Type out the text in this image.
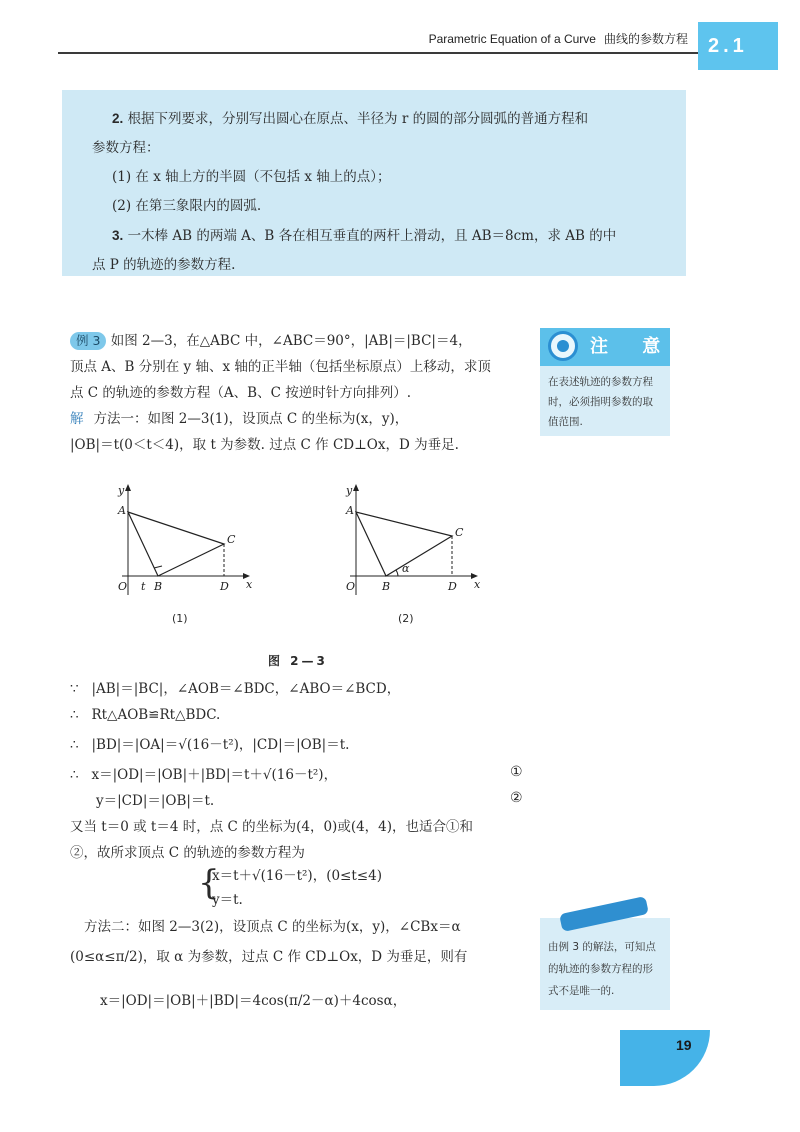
Parametric Equation of a Curve 曲线的参数方程 2.1

2. 根据下列要求，分别写出圆心在原点、半径为 r 的圆的部分圆弧的普通方程和

参数方程：

(1) 在 x 轴上方的半圆（不包括 x 轴上的点）；

(2) 在第三象限内的圆弧.

3. 一木棒 AB 的两端 A、B 各在相互垂直的两杆上滑动，且 AB＝8cm，求 AB 的中

点 P 的轨迹的参数方程.

例 3 如图 2—3，在△ABC 中，∠ABC＝90°，|AB|＝|BC|＝4，

顶点 A、B 分别在 y 轴、x 轴的正半轴（包括坐标原点）上移动，求顶

点 C 的轨迹的参数方程（A、B、C 按逆时针方向排列）.

解 方法一：如图 2—3(1)，设顶点 C 的坐标为(x，y)，

|OB|＝t(0＜t＜4)，取 t 为参数. 过点 C 作 CD⊥Ox，D 为垂足.

注 意
在表述轨迹的参数方程时，必须指明参数的取值范围.
y
x
A
B
C
D
O t
(1)
y
x
A
B
C
D
O
α
(2)
图 2—3

∵ |AB|＝|BC|，∠AOB＝∠BDC，∠ABO＝∠BCD，

∴ Rt△AOB≌Rt△BDC.

∴ |BD|＝|OA|＝√(16－t²)，|CD|＝|OB|＝t.

∴ x＝|OD|＝|OB|＋|BD|＝t＋√(16－t²)，

y＝|CD|＝|OB|＝t.

又当 t＝0 或 t＝4 时，点 C 的坐标为(4，0)或(4，4)，也适合①和

②，故所求顶点 C 的轨迹的参数方程为

①
②
{
x＝t＋√(16－t²)，(0≤t≤4)
y＝t.

方法二：如图 2—3(2)，设顶点 C 的坐标为(x，y)，∠CBx＝α

(0≤α≤π/2)，取 α 为参数，过点 C 作 CD⊥Ox，D 为垂足，则有

x＝|OD|＝|OB|＋|BD|＝4cos(π/2－α)＋4cosα，

由例 3 的解法，可知点的轨迹的参数方程的形式不是唯一的.
19
